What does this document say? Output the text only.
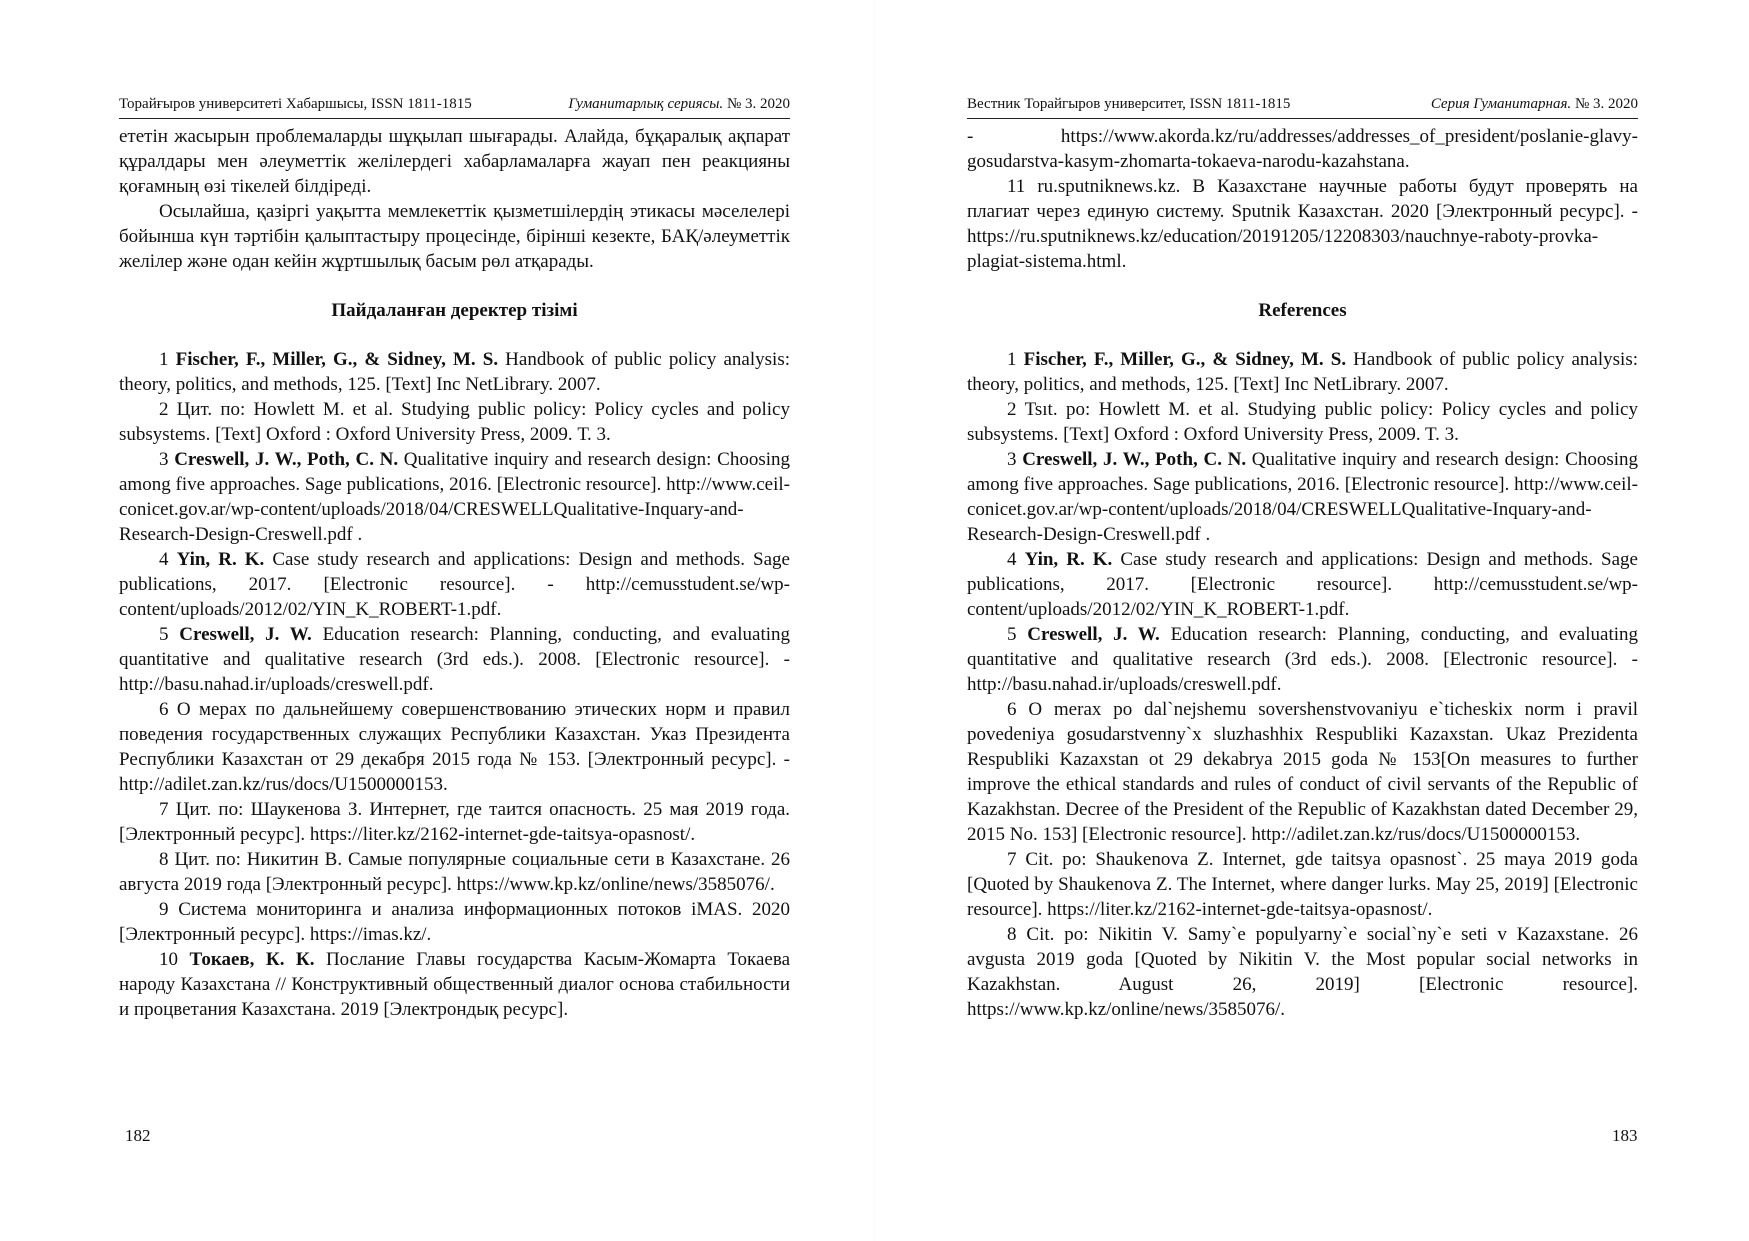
Торайғыров университеті Хабаршысы, ISSN 1811-1815	Гуманитарлық сериясы. № 3. 2020

ететін жасырын проблемаларды шұқылап шығарады. Алайда, бұқаралық ақпарат құралдары мен әлеуметтік желілердегі хабарламаларға жауап пен реакцияны қоғамның өзі тікелей білдіреді.

Осылайша, қазіргі уақытта мемлекеттік қызметшілердің этикасы мәселелері бойынша күн тәртібін қалыптастыру процесінде, бірінші кезекте, БАҚ/әлеуметтік желілер және одан кейін жұртшылық басым рөл атқарады.

Пайдаланған деректер тізімі

1 Fischer, F., Miller, G., & Sidney, M. S. Handbook of public policy analysis: theory, politics, and methods, 125. [Text] Inc NetLibrary. 2007.

2 Цит. по: Howlett M. et al. Studying public policy: Policy cycles and policy subsystems. [Text] Oxford : Oxford University Press, 2009. Т. 3.

3 Creswell, J. W., Poth, C. N. Qualitative inquiry and research design: Choosing among five approaches. Sage publications, 2016. [Electronic resource]. http://www.ceil-conicet.gov.ar/wp-content/uploads/2018/04/CRESWELLQualitative-Inquary-and-Research-Design-Creswell.pdf .

4 Yin, R. K. Case study research and applications: Design and methods. Sage publications, 2017. [Electronic resource]. - http://cemusstudent.se/wp-content/uploads/2012/02/YIN_K_ROBERT-1.pdf.

5 Creswell, J. W. Education research: Planning, conducting, and evaluating quantitative and qualitative research (3rd eds.). 2008. [Electronic resource]. - http://basu.nahad.ir/uploads/creswell.pdf.

6 О мерах по дальнейшему совершенствованию этических норм и правил поведения государственных служащих Республики Казахстан. Указ Президента Республики Казахстан от 29 декабря 2015 года № 153. [Электронный ресурс]. - http://adilet.zan.kz/rus/docs/U1500000153.

7 Цит. по: Шаукенова З. Интернет, где таится опасность. 25 мая 2019 года. [Электронный ресурс]. https://liter.kz/2162-internet-gde-taitsya-opasnost/.

8 Цит. по: Никитин В. Самые популярные социальные сети в Казахстане. 26 августа 2019 года [Электронный ресурс]. https://www.kp.kz/online/news/3585076/.

9 Система мониторинга и анализа информационных потоков iMAS. 2020 [Электронный ресурс]. https://imas.kz/.

10 Токаев, К. К. Послание Главы государства Касым-Жомарта Токаева народу Казахстана // Конструктивный общественный диалог основа стабильности и процветания Казахстана. 2019 [Электрондық ресурс].

182
Вестник Торайгыров университет, ISSN 1811-1815	Серия Гуманитарная. № 3. 2020

- https://www.akorda.kz/ru/addresses/addresses_of_president/poslanie-glavy-gosudarstva-kasym-zhomarta-tokaeva-narodu-kazahstana.

11 ru.sputniknews.kz. В Казахстане научные работы будут проверять на плагиат через единую систему. Sputnik Казахстан. 2020 [Электронный ресурс]. - https://ru.sputniknews.kz/education/20191205/12208303/nauchnye-raboty-provka-plagiat-sistema.html.

References

1 Fischer, F., Miller, G., & Sidney, M. S. Handbook of public policy analysis: theory, politics, and methods, 125. [Text] Inc NetLibrary. 2007.

2 Tsıt. po: Howlett M. et al. Studying public policy: Policy cycles and policy subsystems. [Text] Oxford : Oxford University Press, 2009. T. 3.

3 Creswell, J. W., Poth, C. N. Qualitative inquiry and research design: Choosing among five approaches. Sage publications, 2016. [Electronic resource]. http://www.ceil-conicet.gov.ar/wp-content/uploads/2018/04/CRESWELLQualitative-Inquary-and-Research-Design-Creswell.pdf .

4 Yin, R. K. Case study research and applications: Design and methods. Sage publications, 2017. [Electronic resource]. http://cemusstudent.se/wp-content/uploads/2012/02/YIN_K_ROBERT-1.pdf.

5 Creswell, J. W. Education research: Planning, conducting, and evaluating quantitative and qualitative research (3rd eds.). 2008. [Electronic resource]. - http://basu.nahad.ir/uploads/creswell.pdf.

6 O merax po dal`nejshemu sovershenstvovaniyu e`ticheskix norm i pravil povedeniya gosudarstvenny`x sluzhashhix Respubliki Kazaxstan. Ukaz Prezidenta Respubliki Kazaxstan ot 29 dekabrya 2015 goda № 153[On measures to further improve the ethical standards and rules of conduct of civil servants of the Republic of Kazakhstan. Decree of the President of the Republic of Kazakhstan dated December 29, 2015 No. 153] [Electronic resource]. http://adilet.zan.kz/rus/docs/U1500000153.

7 Cit. po: Shaukenova Z. Internet, gde taitsya opasnost`. 25 maya 2019 goda [Quoted by Shaukenova Z. The Internet, where danger lurks. May 25, 2019] [Electronic resource]. https://liter.kz/2162-internet-gde-taitsya-opasnost/.

8 Cit. po: Nikitin V. Samy`e populyarny`e social`ny`e seti v Kazaxstane. 26 avgusta 2019 goda [Quoted by Nikitin V. the Most popular social networks in Kazakhstan. August 26, 2019] [Electronic resource]. https://www.kp.kz/online/news/3585076/.

183
